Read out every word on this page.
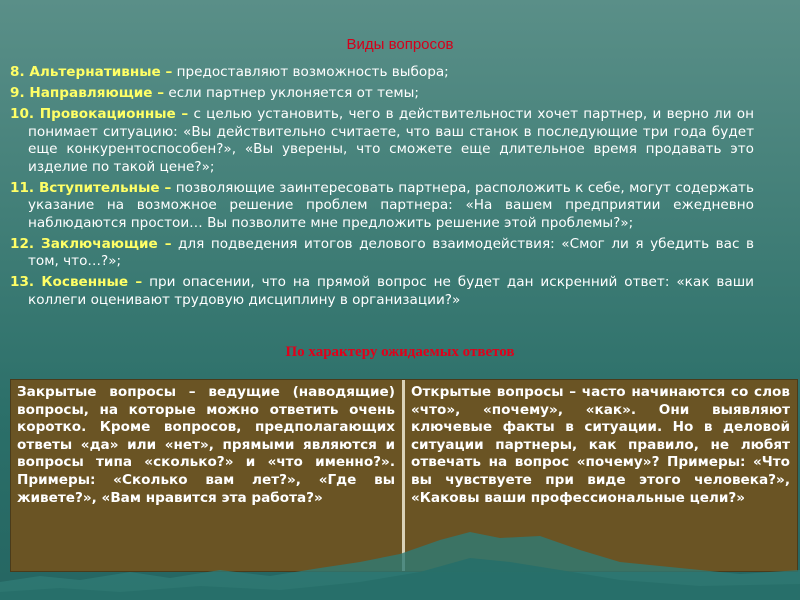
Виды вопросов
8. Альтернативные – предоставляют возможность выбора;
9. Направляющие – если партнер уклоняется от темы;
10. Провокационные – с целью установить, чего в действительности хочет партнер, и верно ли он понимает ситуацию: «Вы действительно считаете, что ваш станок в последующие три года будет еще конкурентоспособен?», «Вы уверены, что сможете еще длительное время продавать это изделие по такой цене?»;
11. Вступительные – позволяющие заинтересовать партнера, расположить к себе, могут содержать указание на возможное решение проблем партнера: «На вашем предприятии ежедневно наблюдаются простои… Вы позволите мне предложить решение этой проблемы?»;
12. Заключающие – для подведения итогов делового взаимодействия: «Смог ли я убедить вас в том, что…?»;
13. Косвенные – при опасении, что на прямой вопрос не будет дан искренний ответ: «как ваши коллеги оценивают трудовую дисциплину в организации?»
По характеру ожидаемых ответов
Закрытые вопросы – ведущие (наводящие) вопросы, на которые можно ответить очень коротко. Кроме вопросов, предполагающих ответы «да» или «нет», прямыми являются и вопросы типа «сколько?» и «что именно?». Примеры: «Сколько вам лет?», «Где вы живете?», «Вам нравится эта работа?»
Открытые вопросы – часто начинаются со слов «что», «почему», «как». Они выявляют ключевые факты в ситуации. Но в деловой ситуации партнеры, как правило, не любят отвечать на вопрос «почему»? Примеры: «Что вы чувствуете при виде этого человека?», «Каковы ваши профессиональные цели?»
